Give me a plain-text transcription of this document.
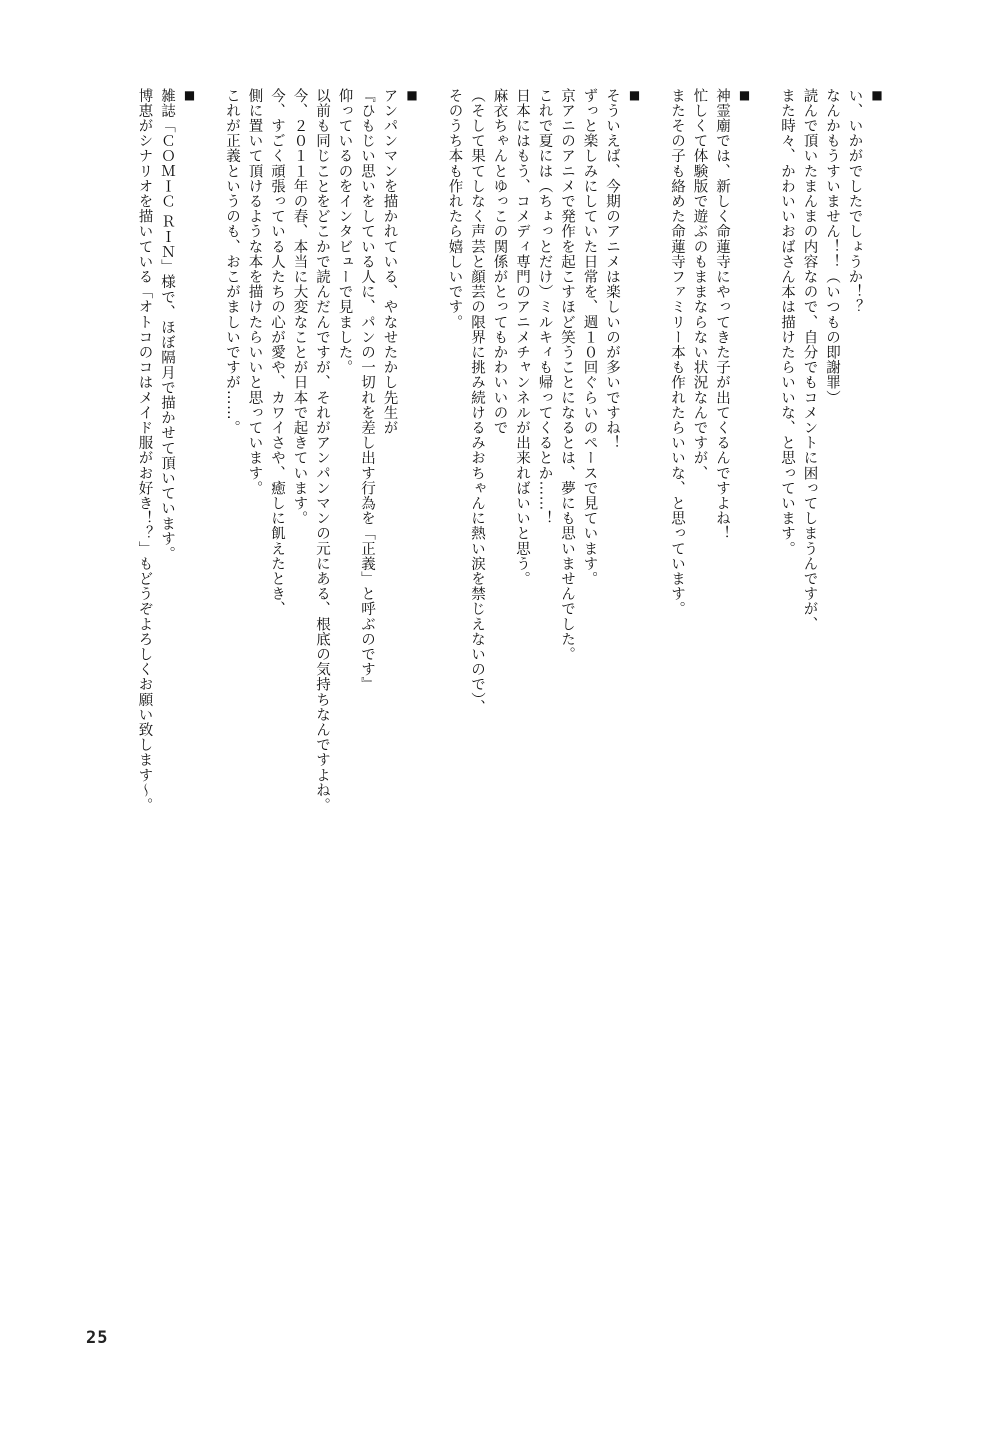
■
い、いかがでしたでしょうか！？
なんかもうすいません！！（いつもの即謝罪）
読んで頂いたまんまの内容なので、自分でもコメントに困ってしまうんですが、
また時々、かわいいおばさん本は描けたらいいな、と思っています。
■
神霊廟では、新しく命蓮寺にやってきた子が出てくるんですよね！
忙しくて体験版で遊ぶのもままならない状況なんですが、
またその子も絡めた命蓮寺ファミリー本も作れたらいいな、と思っています。
■
そういえば、今期のアニメは楽しいのが多いですね！
ずっと楽しみにしていた日常を、週１０回ぐらいのペースで見ています。
京アニのアニメで発作を起こすほど笑うことになるとは、夢にも思いませんでした。
これで夏には（ちょっとだけ）ミルキィも帰ってくるとか……！
日本にはもう、コメディ専門のアニメチャンネルが出来ればいいと思う。
麻衣ちゃんとゆっこの関係がとってもかわいいので
（そして果てしなく声芸と顔芸の限界に挑み続けるみおちゃんに熱い涙を禁じえないので）、
そのうち本も作れたら嬉しいです。
■
アンパンマンを描かれている、やなせたかし先生が
『ひもじい思いをしている人に、パンの一切れを差し出す行為を「正義」と呼ぶのです』
仰っているのをインタビューで見ました。
以前も同じことをどこかで読んだんですが、それがアンパンマンの元にある、根底の気持ちなんですよね。
今、２０１１年の春、本当に大変なことが日本で起きています。
今、すごく頑張っている人たちの心が愛や、カワイさや、癒しに飢えたとき、
側に置いて頂けるような本を描けたらいいと思っています。
これが正義というのも、おこがましいですが……。
■
雑誌「ＣＯＭＩＣ ＲＩＮ」様で、ほぼ隔月で描かせて頂いています。
博恵がシナリオを描いている「オトコのコはメイド服がお好き！？」もどうぞよろしくお願い致します～。
25
